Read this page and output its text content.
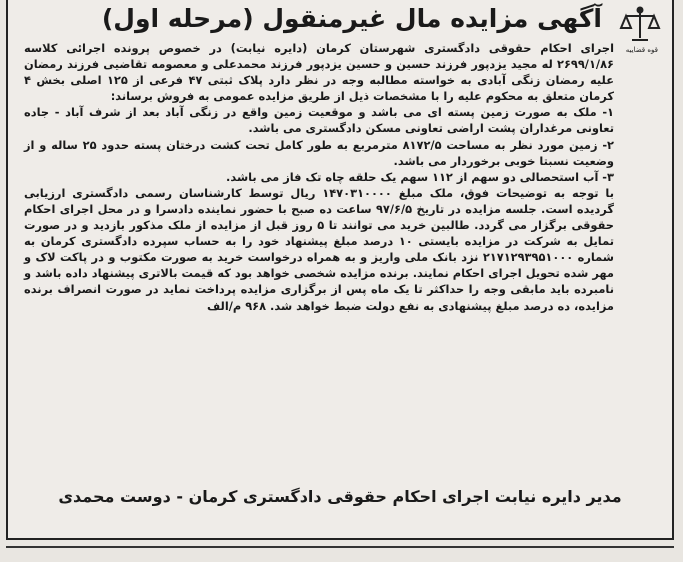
آگهی مزایده مال غیرمنقول (مرحله اول)
قوه قضاییه

اجرای احکام حقوقی دادگستری شهرستان کرمان (دایره نیابت) در خصوص پرونده اجرائی کلاسه ۲۶۹۹/۱/۸۶ له مجید یزدپور فرزند حسین و حسین یزدپور فرزند محمدعلی و معصومه تقاضیی فرزند رمضان علیه رمضان زنگی آبادی به خواسته مطالبه وجه در نظر دارد پلاک ثبتی ۴۷ فرعی از ۱۲۵ اصلی بخش ۴ کرمان متعلق به محکوم علیه را با مشخصات ذیل از طریق مزایده عمومی به فروش برساند:

۱- ملک به صورت زمین پسته ای می باشد و موقعیت زمین واقع در زنگی آباد بعد از شرف آباد - جاده تعاونی مرغداران پشت اراضی تعاونی مسکن دادگستری می باشد.

۲- زمین مورد نظر به مساحت ۸۱۷۲/۵ مترمربع به طور کامل تحت کشت درختان پسته حدود ۲۵ ساله و از وضعیت نسبتا خوبی برخوردار می باشد.

۳- آب استحصالی دو سهم از ۱۱۲ سهم یک حلقه چاه تک فاز می باشد.

با توجه به توضیحات فوق، ملک مبلغ ۱۴۷۰۳۱۰۰۰۰ ریال توسط کارشناسان رسمی دادگستری ارزیابی گردیده است. جلسه مزایده در تاریخ ۹۷/۶/۵ ساعت ده صبح با حضور نماینده دادسرا و در محل اجرای احکام حقوقی برگزار می گردد. طالبین خرید می توانند تا ۵ روز قبل از مزایده از ملک مذکور بازدید و در صورت تمایل به شرکت در مزایده بایستی ۱۰ درصد مبلغ پیشنهاد خود را به حساب سپرده دادگستری کرمان به شماره ۲۱۷۱۲۹۳۹۵۱۰۰۰ نزد بانک ملی واریز و به همراه درخواست خرید به صورت مکتوب و در پاکت لاک و مهر شده تحویل اجرای احکام نمایند. برنده مزایده شخصی خواهد بود که قیمت بالاتری پیشنهاد داده باشد و نامبرده باید مابقی وجه را حداکثر تا یک ماه پس از برگزاری مزایده پرداخت نماید در صورت انصراف برنده مزایده، ده درصد مبلغ پیشنهادی به نفع دولت ضبط خواهد شد. ۹۶۸ م/الف

مدیر دایره نیابت اجرای احکام حقوقی دادگستری کرمان - دوست محمدی
